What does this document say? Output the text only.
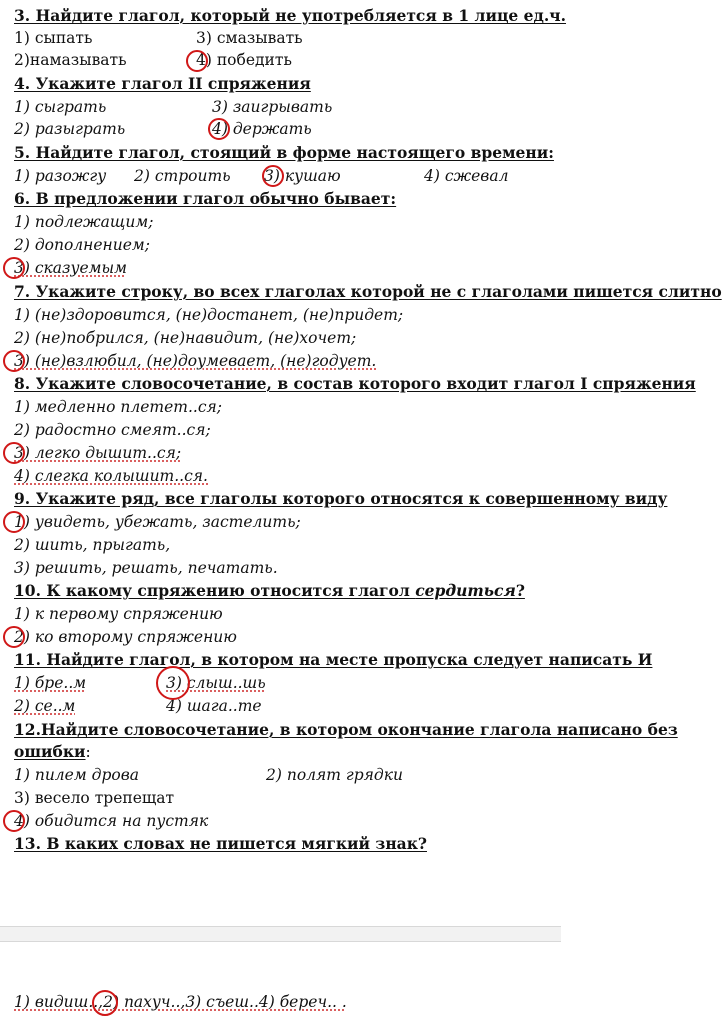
3. Найдите глагол, который не употребляется в 1 лице ед.ч.
1) сыпать	3) смазывать
2)намазывать	4) победить
4. Укажите глагол II спряжения
1) сыграть	3) заигрывать
2) разыграть	4) держать
5. Найдите глагол, стоящий в форме настоящего времени:
1) разожгу 2) строить 3) кушаю	4) сжевал
6. В предложении глагол обычно бывает:
1) подлежащим;
2) дополнением;
3) сказуемым
7. Укажите строку, во всех глаголах которой не с глаголами пишется слитно
1) (не)здоровится, (не)достанет, (не)придет;
2) (не)побрился, (не)навидит, (не)хочет;
3) (не)взлюбил, (не)доумевает, (не)годует.
8. Укажите словосочетание, в состав которого входит глагол I спряжения
1) медленно плетет..ся;
2) радостно смеят..ся;
3) легко дышит..ся;
4) слегка колышит..ся.
9. Укажите ряд, все глаголы которого относятся к совершенному виду
1) увидеть, убежать, застелить;
2) шить, прыгать,
3) решить, решать, печатать.
10. К какому спряжению относится глагол сердиться?
1) к первому спряжению
2) ко второму спряжению
11. Найдите глагол, в котором на месте пропуска следует написать И
1) бре..м	3) слыш..шь
2) се..м	4) шага..те
12.Найдите словосочетание, в котором окончание глагола написано без
ошибки:
1) пилем дрова	2) полят грядки
3) весело трепещат
4) обидится на пустяк
13. В каких словах не пишется мягкий знак?
1) видиш..,2) пахуч..,3) съеш..4) береч.. .
